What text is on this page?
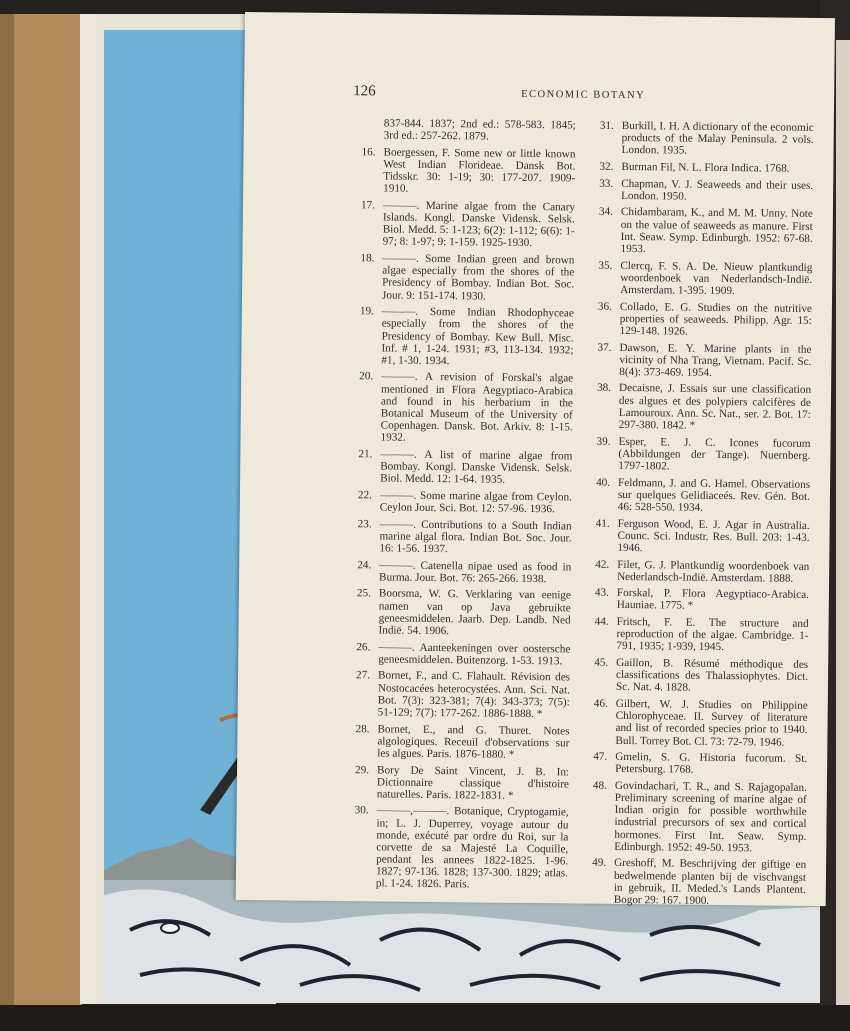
126	ECONOMIC BOTANY
837-844. 1837; 2nd ed.: 578-583. 1845; 3rd ed.: 257-262. 1879.
16. Boergessen, F. Some new or little known West Indian Florideae. Dansk Bot. Tidsskr. 30: 1-19; 30: 177-207. 1909-1910.
17. ———. Marine algae from the Canary Islands. Kongl. Danske Vidensk. Selsk. Biol. Medd. 5: 1-123; 6(2): 1-112; 6(6): 1-97; 8: 1-97; 9: 1-159. 1925-1930.
18. ———. Some Indian green and brown algae especially from the shores of the Presidency of Bombay. Indian Bot. Soc. Jour. 9: 151-174. 1930.
19. ———. Some Indian Rhodophyceae especially from the shores of the Presidency of Bombay. Kew Bull. Misc. Inf. # 1, 1-24. 1931; #3, 113-134. 1932; #1, 1-30. 1934.
20. ———. A revision of Forskal's algae mentioned in Flora Aegyptiaco-Arabica and found in his herbarium in the Botanical Museum of the University of Copenhagen. Dansk. Bot. Arkiv. 8: 1-15. 1932.
21. ———. A list of marine algae from Bombay. Kongl. Danske Vidensk. Selsk. Biol. Medd. 12: 1-64. 1935.
22. ———. Some marine algae from Ceylon. Ceylon Jour. Sci. Bot. 12: 57-96. 1936.
23. ———. Contributions to a South Indian marine algal flora. Indian Bot. Soc. Jour. 16: 1-56. 1937.
24. ———. Catenella nipae used as food in Burma. Jour. Bot. 76: 265-266. 1938.
25. Boorsma, W. G. Verklaring van eenige namen van op Java gebruikte geneesmiddelen. Jaarb. Dep. Landb. Ned Indië. 54. 1906.
26. ———. Aanteekeningen over oostersche geneesmiddelen. Buitenzorg. 1-53. 1913.
27. Bornet, F., and C. Flahault. Révision des Nostocacées heterocystées. Ann. Sci. Nat. Bot. 7(3): 323-381; 7(4): 343-373; 7(5): 51-129; 7(7): 177-262. 1886-1888. *
28. Bornet, E., and G. Thuret. Notes algologiques. Receuil d'observations sur les algues. Paris. 1876-1880. *
29. Bory De Saint Vincent, J. B. In: Dictionnaire classique d'histoire naturelles. Paris. 1822-1831. *
30. ———,———. Botanique, Cryptogamie, in; L. J. Duperrey, voyage autour du monde, exécuté par ordre du Roi, sur la corvette de sa Majesté La Coquille, pendant les annees 1822-1825. 1-96. 1827; 97-136. 1828; 137-300. 1829; atlas. pl. 1-24. 1826. Paris.
31. Burkill, I. H. A dictionary of the economic products of the Malay Peninsula. 2 vols. London. 1935.
32. Burman Fil, N. L. Flora Indica. 1768.
33. Chapman, V. J. Seaweeds and their uses. London. 1950.
34. Chidambaram, K., and M. M. Unny. Note on the value of seaweeds as manure. First Int. Seaw. Symp. Edinburgh. 1952: 67-68. 1953.
35. Clercq, F. S. A. De. Nieuw plantkundig woordenboek van Nederlandsch-Indië. Amsterdam. 1-395. 1909.
36. Collado, E. G. Studies on the nutritive properties of seaweeds. Philipp. Agr. 15: 129-148. 1926.
37. Dawson, E. Y. Marine plants in the vicinity of Nha Trang, Vietnam. Pacif. Sc. 8(4): 373-469. 1954.
38. Decaisne, J. Essais sur une classification des algues et des polypiers calcifères de Lamouroux. Ann. Sc. Nat., ser. 2. Bot. 17: 297-380. 1842. *
39. Esper, E. J. C. Icones fucorum (Abbildungen der Tange). Nuernberg. 1797-1802.
40. Feldmann, J. and G. Hamel. Observations sur quelques Gelidiaceés. Rev. Gén. Bot. 46: 528-550. 1934.
41. Ferguson Wood, E. J. Agar in Australia. Counc. Sci. Industr. Res. Bull. 203: 1-43. 1946.
42. Filet, G. J. Plantkundig woordenboek van Nederlandsch-Indië. Amsterdam. 1888.
43. Forskal, P. Flora Aegyptiaco-Arabica. Hauniae. 1775. *
44. Fritsch, F. E. The structure and reproduction of the algae. Cambridge. 1-791, 1935; 1-939, 1945.
45. Gaillon, B. Résumé méthodique des classifications des Thalassiophytes. Dict. Sc. Nat. 4. 1828.
46. Gilbert, W. J. Studies on Philippine Chlorophyceae. II. Survey of literature and list of recorded species prior to 1940. Bull. Torrey Bot. Cl. 73: 72-79. 1946.
47. Gmelin, S. G. Historia fucorum. St. Petersburg. 1768.
48. Govindachari, T. R., and S. Rajagopalan. Preliminary screening of marine algae of Indian origin for possible worthwhile industrial precursors of sex and cortical hormones. First Int. Seaw. Symp. Edinburgh. 1952: 49-50. 1953.
49. Greshoff, M. Beschrijving der giftige en bedwelmende planten bij de vischvangst in gebruik, II. Meded.'s Lands Plantent. Bogor 29: 167. 1900.
